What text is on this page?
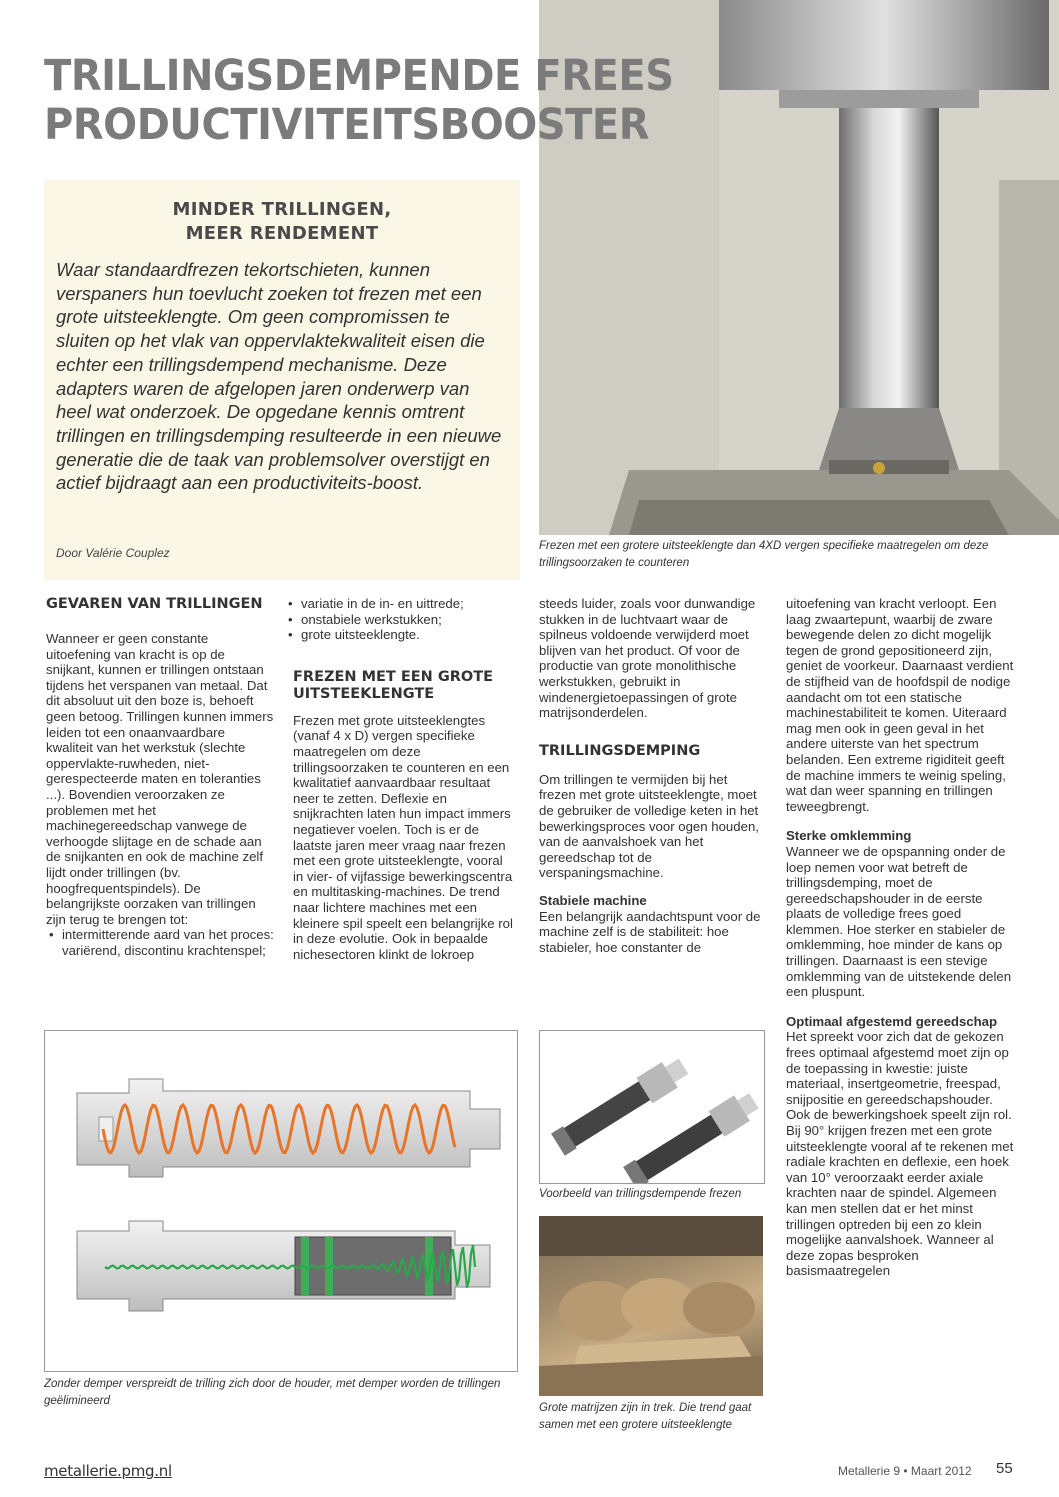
Frezen met een grotere uitsteeklengte dan 4XD vergen specifieke maatregelen om deze trillingsoorzaken te counteren
TRILLINGSDEMPENDE FREES
PRODUCTIVITEITSBOOSTER
MINDER TRILLINGEN,
MEER RENDEMENT
Waar standaardfrezen tekortschieten, kunnen verspaners hun toevlucht zoeken tot frezen met een grote uitsteeklengte. Om geen compromissen te sluiten op het vlak van oppervlaktekwaliteit eisen die echter een trillingsdempend mechanisme. Deze adapters waren de afgelopen jaren onderwerp van heel wat onderzoek. De opgedane kennis omtrent trillingen en trillingsdemping resulteerde in een nieuwe generatie die de taak van problemsolver overstijgt en actief bijdraagt aan een productiviteits-boost.
Door Valérie Couplez
GEVAREN VAN TRILLINGEN

Wanneer er geen constante uitoefening van kracht is op de snijkant, kunnen er trillingen ontstaan tijdens het verspanen van metaal. Dat dit absoluut uit den boze is, behoeft geen betoog. Trillingen kunnen immers leiden tot een onaanvaardbare kwaliteit van het werkstuk (slechte oppervlakte-ruwheden, niet-gerespecteerde maten en toleranties ...). Bovendien veroorzaken ze problemen met het machinegereedschap vanwege de verhoogde slijtage en de schade aan de snijkanten en ook de machine zelf lijdt onder trillingen (bv. hoogfrequentspindels). De belangrijkste oorzaken van trillingen zijn terug te brengen tot:

• intermitterende aard van het proces: variërend, discontinu krachtenspel;
• variatie in de in- en uittrede;
• onstabiele werkstukken;
• grote uitsteeklengte.
FREZEN MET EEN GROTE UITSTEEKLENGTE

Frezen met grote uitsteeklengtes (vanaf 4 x D) vergen specifieke maatregelen om deze trillingsoorzaken te counteren en een kwalitatief aanvaardbaar resultaat neer te zetten. Deflexie en snijkrachten laten hun impact immers negatiever voelen. Toch is er de laatste jaren meer vraag naar frezen met een grote uitsteeklengte, vooral in vier- of vijfassige bewerkingscentra en multitasking-machines. De trend naar lichtere machines met een kleinere spil speelt een belangrijke rol in deze evolutie. Ook in bepaalde nichesectoren klinkt de lokroep

steeds luider, zoals voor dunwandige stukken in de luchtvaart waar de spilneus voldoende verwijderd moet blijven van het product. Of voor de productie van grote monolithische werkstukken, gebruikt in windenergietoepassingen of grote matrijsonderdelen.

TRILLINGSDEMPING

Om trillingen te vermijden bij het frezen met grote uitsteeklengte, moet de gebruiker de volledige keten in het bewerkingsproces voor ogen houden, van de aanvalshoek van het gereedschap tot de verspaningsmachine.

Stabiele machine

Een belangrijk aandachtspunt voor de machine zelf is de stabiliteit: hoe stabieler, hoe constanter de

uitoefening van kracht verloopt. Een laag zwaartepunt, waarbij de zware bewegende delen zo dicht mogelijk tegen de grond gepositioneerd zijn, geniet de voorkeur. Daarnaast verdient de stijfheid van de hoofdspil de nodige aandacht om tot een statische machinestabiliteit te komen. Uiteraard mag men ook in geen geval in het andere uiterste van het spectrum belanden. Een extreme rigiditeit geeft de machine immers te weinig speling, wat dan weer spanning en trillingen teweegbrengt.

Sterke omklemming

Wanneer we de opspanning onder de loep nemen voor wat betreft de trillingsdemping, moet de gereedschapshouder in de eerste plaats de volledige frees goed klemmen. Hoe sterker en stabieler de omklemming, hoe minder de kans op trillingen. Daarnaast is een stevige omklemming van de uitstekende delen een pluspunt.

Optimaal afgestemd gereedschap

Het spreekt voor zich dat de gekozen frees optimaal afgestemd moet zijn op de toepassing in kwestie: juiste materiaal, insertgeometrie, freespad, snijpositie en gereedschapshouder. Ook de bewerkingshoek speelt zijn rol. Bij 90° krijgen frezen met een grote uitsteeklengte vooral af te rekenen met radiale krachten en deflexie, een hoek van 10° veroorzaakt eerder axiale krachten naar de spindel. Algemeen kan men stellen dat er het minst trillingen optreden bij een zo klein mogelijke aanvalshoek. Wanneer al deze zopas besproken basismaatregelen

Zonder demper verspreidt de trilling zich door de houder, met demper worden de trillingen geëlimineerd
Voorbeeld van trillingsdempende frezen
Grote matrijzen zijn in trek. Die trend gaat samen met een grotere uitsteeklengte
metallerie.pmg.nl	Metallerie 9 • Maart 2012 55
